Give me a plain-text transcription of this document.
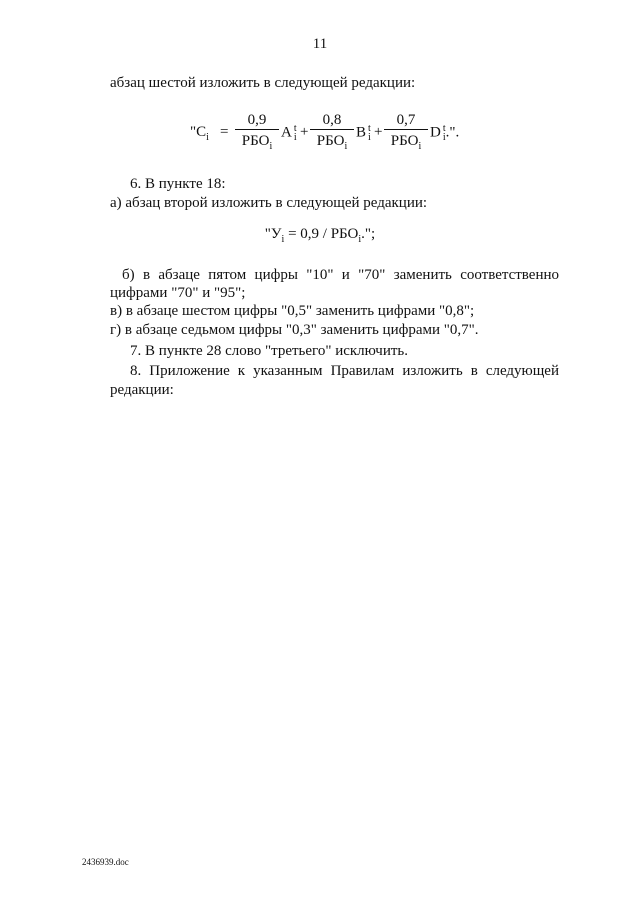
11
абзац шестой изложить в следующей редакции:
"$C_i$ =
0,9
$РБО_i$
A t
i +
0,8
$РБО_i$
B t
i +
0,7
$РБО_i$
D t
i .".
6. В пункте 18:
а) абзац второй изложить в следующей редакции:
"$У_i = 0,9 / РБО_i$.";
б) в абзаце пятом цифры "10" и "70" заменить соответственно
цифрами "70" и "95";
в) в абзаце шестом цифры "0,5" заменить цифрами "0,8";
г) в абзаце седьмом цифры "0,3" заменить цифрами "0,7".
7. В пункте 28 слово "третьего" исключить.
8. Приложение к указанным Правилам изложить в следующей
редакции:
2436939.doc
